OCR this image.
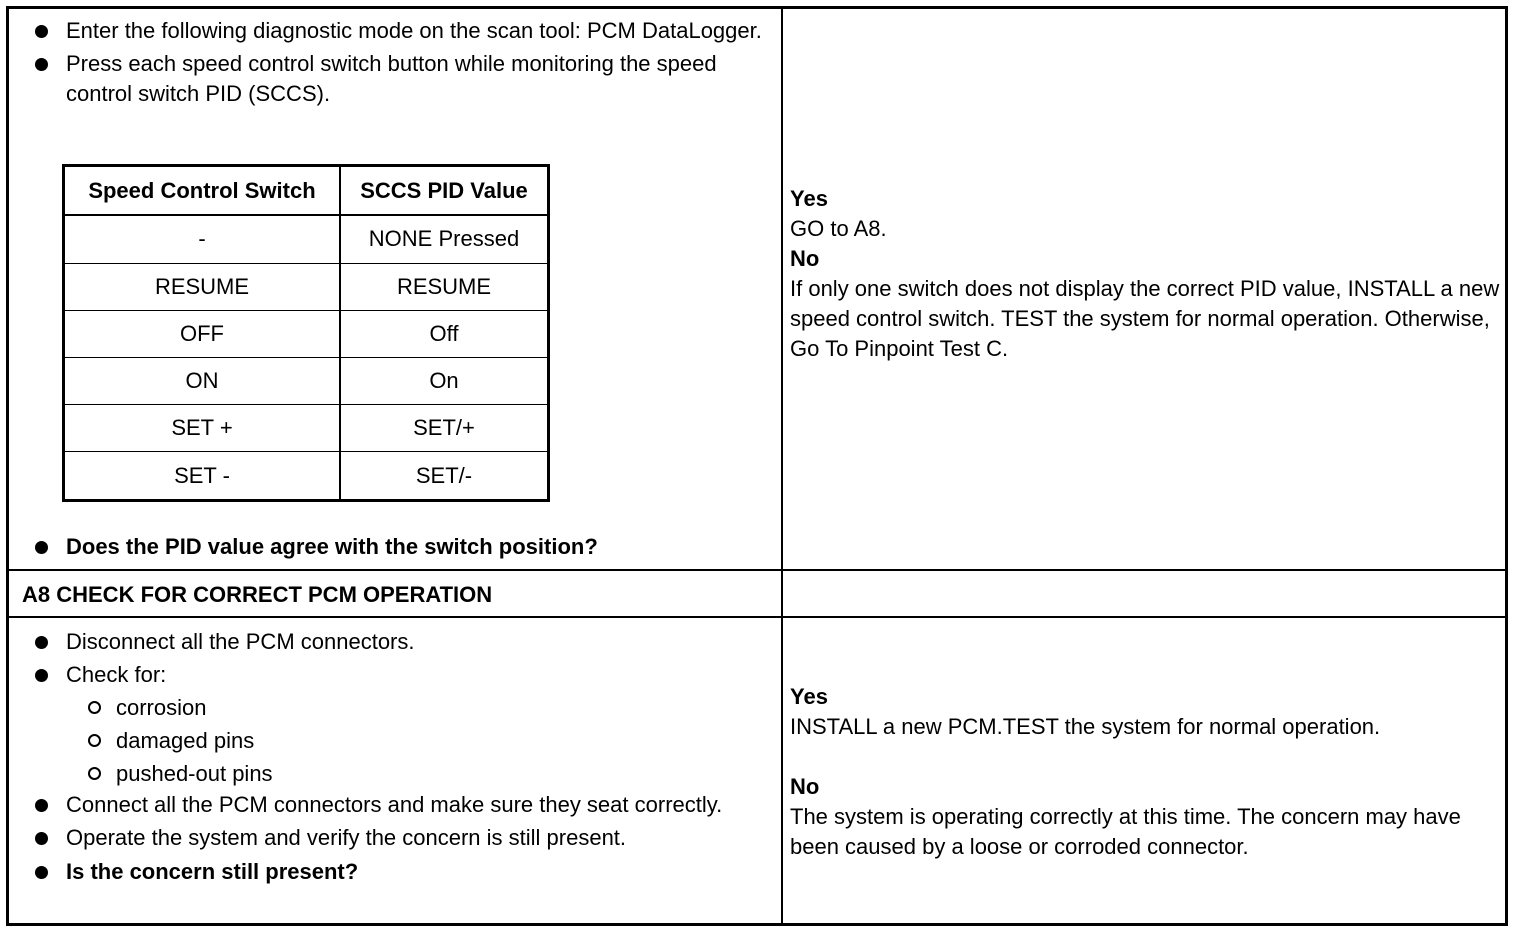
Enter the following diagnostic mode on the scan tool: PCM DataLogger.
Press each speed control switch button while monitoring the speed control switch PID (SCCS).
Speed Control Switch	SCCS PID Value
-	NONE Pressed
RESUME	RESUME
OFF	Off
ON	On
SET +	SET/+
SET -	SET/-
Does the PID value agree with the switch position?
Yes
GO to A8.
No
If only one switch does not display the correct PID value, INSTALL a new speed control switch. TEST the system for normal operation. Otherwise, Go To Pinpoint Test C.
A8 CHECK FOR CORRECT PCM OPERATION
Disconnect all the PCM connectors.
Check for:
corrosion
damaged pins
pushed-out pins
Connect all the PCM connectors and make sure they seat correctly.
Operate the system and verify the concern is still present.
Is the concern still present?
Yes
INSTALL a new PCM.TEST the system for normal operation.
No
The system is operating correctly at this time. The concern may have been caused by a loose or corroded connector.
